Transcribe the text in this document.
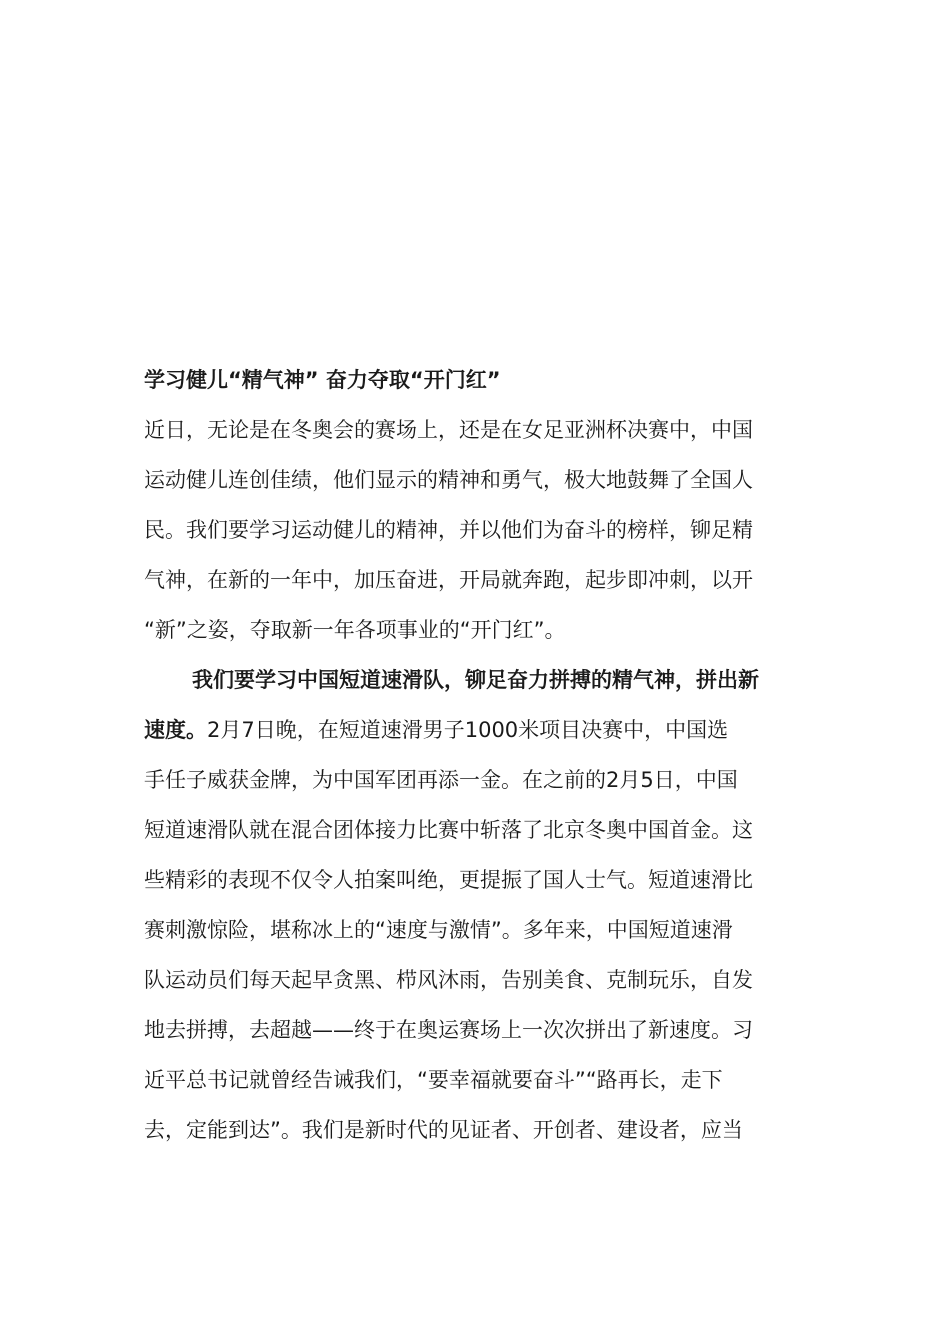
学习健儿“精气神” 奋力夺取“开门红”
近日，无论是在冬奥会的赛场上，还是在女足亚洲杯决赛中，中国
运动健儿连创佳绩，他们显示的精神和勇气，极大地鼓舞了全国人
民。我们要学习运动健儿的精神，并以他们为奋斗的榜样，铆足精
气神，在新的一年中，加压奋进，开局就奔跑，起步即冲刺，以开
“新”之姿，夺取新一年各项事业的“开门红”。
我们要学习中国短道速滑队，铆足奋力拼搏的精气神，拼出新
速度。2月7日晚，在短道速滑男子1000米项目决赛中，中国选
手任子威获金牌，为中国军团再添一金。在之前的2月5日，中国
短道速滑队就在混合团体接力比赛中斩落了北京冬奥中国首金。这
些精彩的表现不仅令人拍案叫绝，更提振了国人士气。短道速滑比
赛刺激惊险，堪称冰上的“速度与激情”。多年来，中国短道速滑
队运动员们每天起早贪黑、栉风沐雨，告别美食、克制玩乐，自发
地去拼搏，去超越——终于在奥运赛场上一次次拼出了新速度。习
近平总书记就曾经告诫我们，“要幸福就要奋斗”“路再长，走下
去，定能到达”。我们是新时代的见证者、开创者、建设者，应当
